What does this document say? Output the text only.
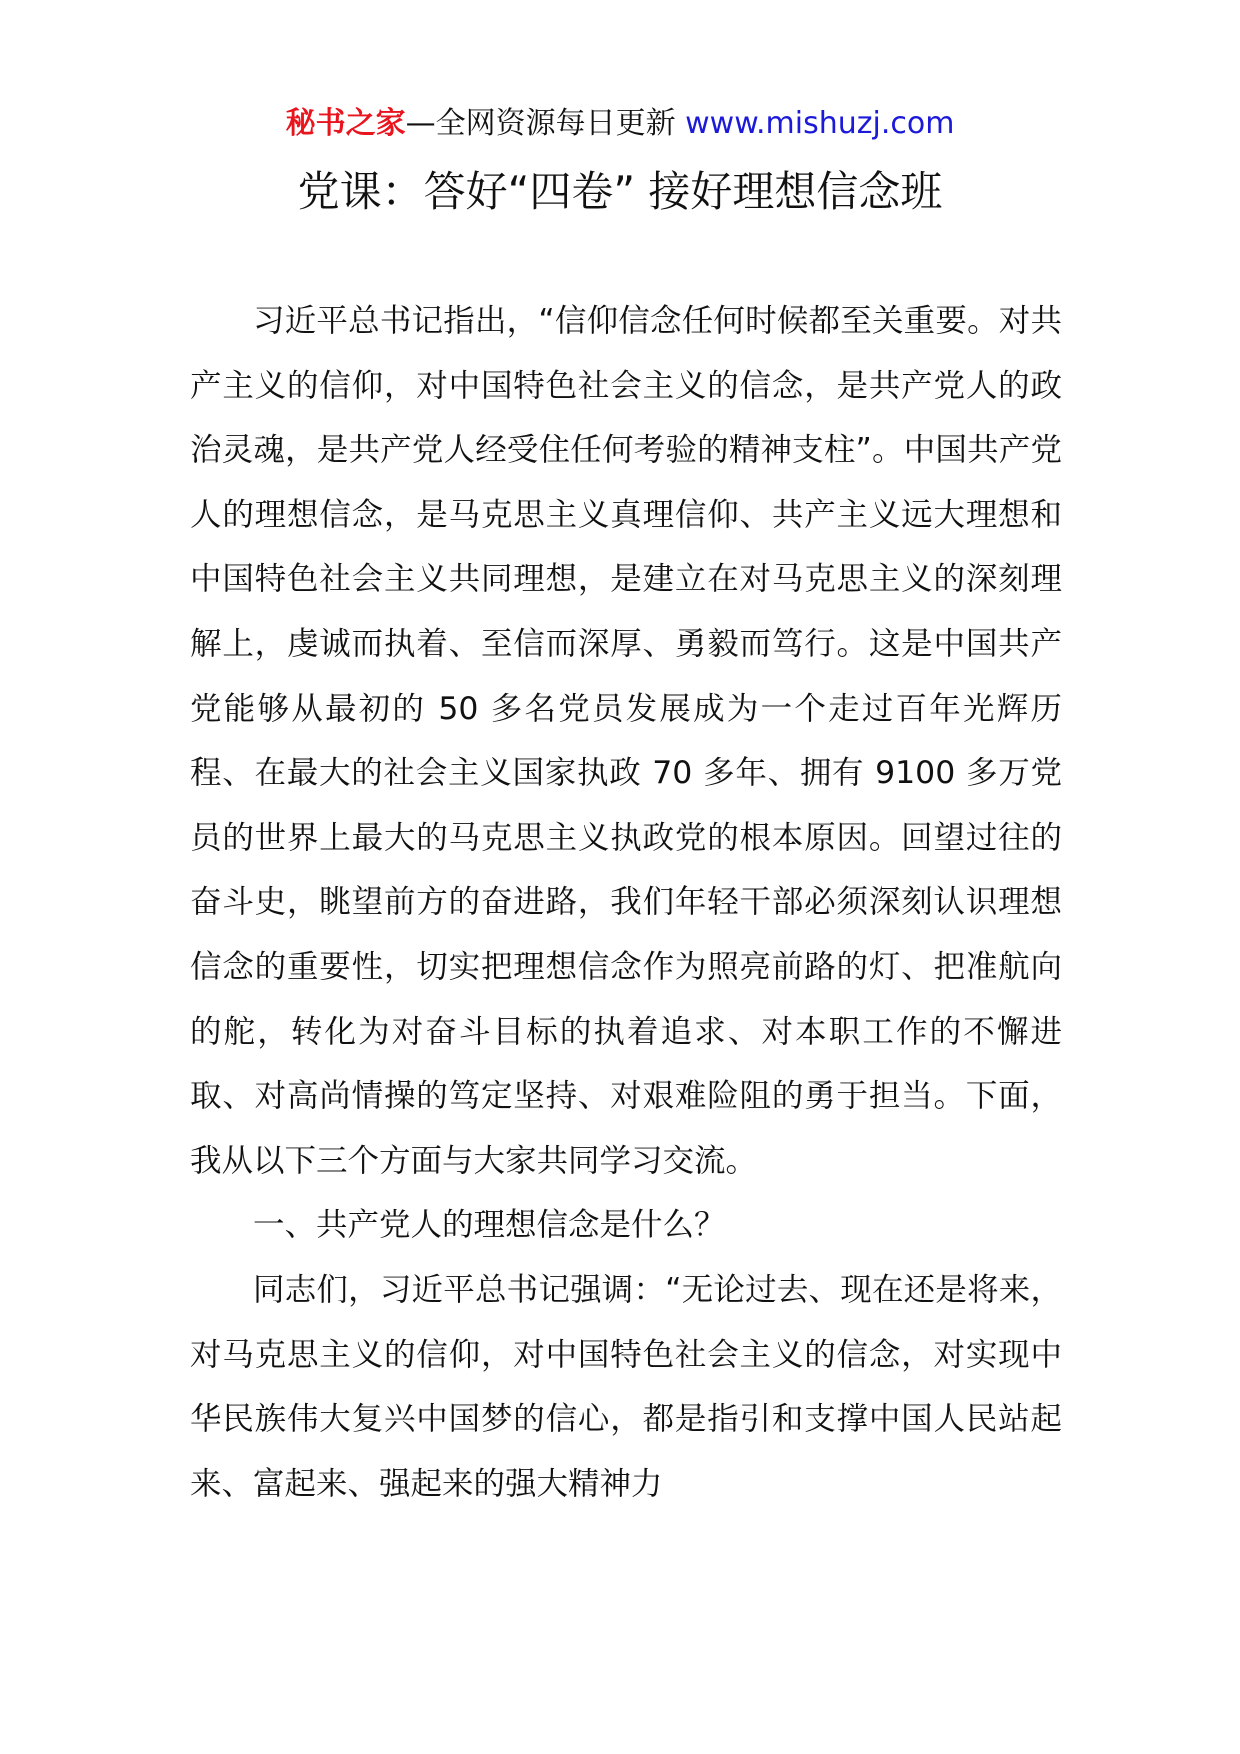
秘书之家—全网资源每日更新 www.mishuzj.com
党课：答好“四卷” 接好理想信念班

习近平总书记指出，“信仰信念任何时候都至关重要。对共产主义的信仰，对中国特色社会主义的信念，是共产党人的政治灵魂，是共产党人经受住任何考验的精神支柱”。中国共产党人的理想信念，是马克思主义真理信仰、共产主义远大理想和中国特色社会主义共同理想，是建立在对马克思主义的深刻理解上，虔诚而执着、至信而深厚、勇毅而笃行。这是中国共产党能够从最初的 50 多名党员发展成为一个走过百年光辉历程、在最大的社会主义国家执政 70 多年、拥有 9100 多万党员的世界上最大的马克思主义执政党的根本原因。回望过往的奋斗史，眺望前方的奋进路，我们年轻干部必须深刻认识理想信念的重要性，切实把理想信念作为照亮前路的灯、把准航向的舵，转化为对奋斗目标的执着追求、对本职工作的不懈进取、对高尚情操的笃定坚持、对艰难险阻的勇于担当。下面，我从以下三个方面与大家共同学习交流。

一、共产党人的理想信念是什么？

同志们，习近平总书记强调：“无论过去、现在还是将来，对马克思主义的信仰，对中国特色社会主义的信念，对实现中华民族伟大复兴中国梦的信心，都是指引和支撑中国人民站起来、富起来、强起来的强大精神力
